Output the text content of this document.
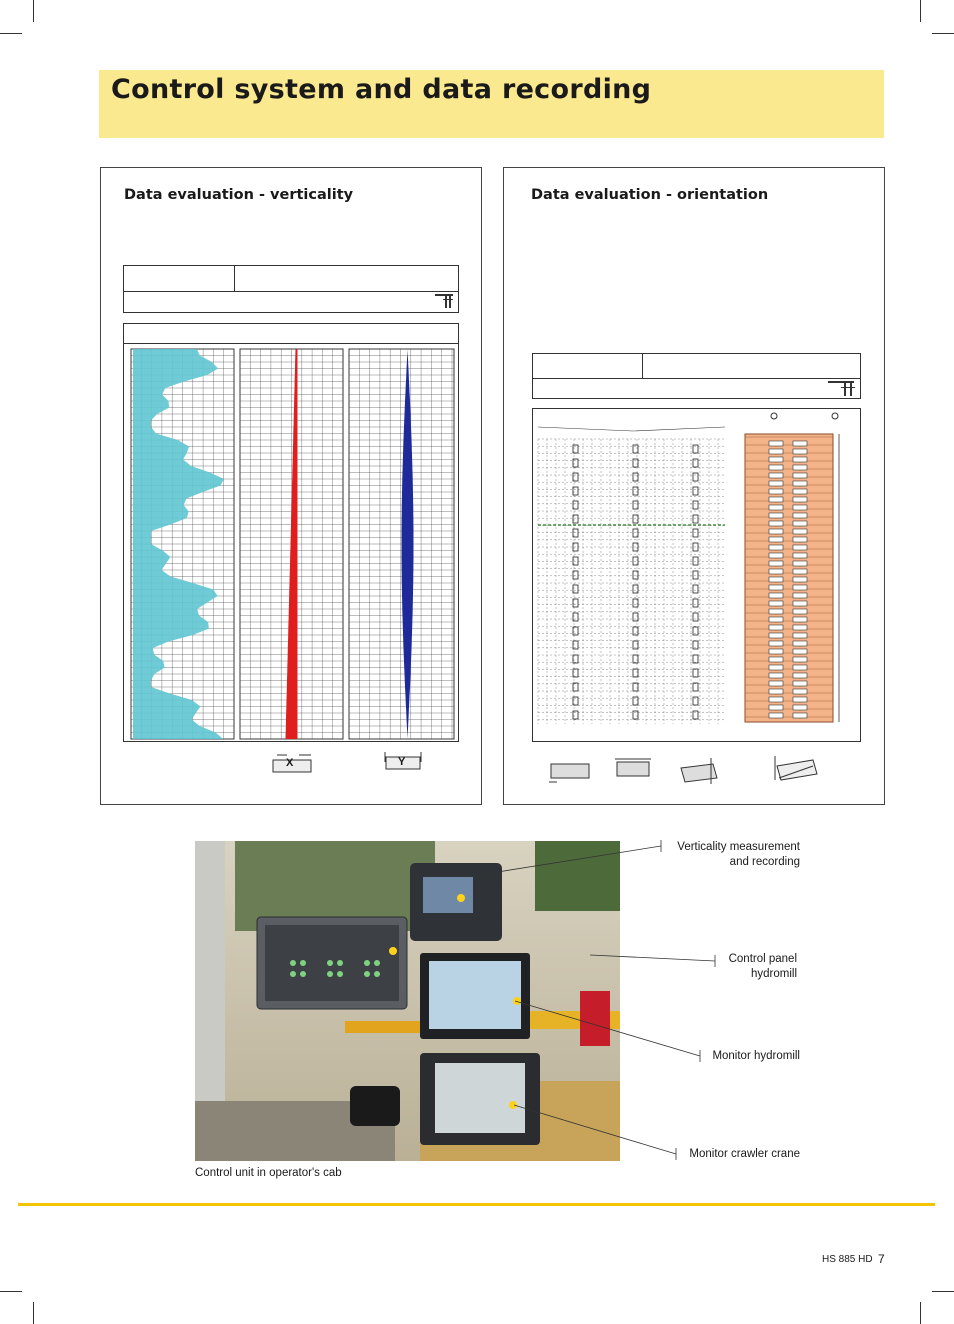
Control system and data recording
Data evaluation - verticality
X	Y
Data evaluation - orientation
Verticality measurement
and recording
Control panel
hydromill
Monitor hydromill
Monitor crawler crane
Control unit in operator's cab
HS 885 HD 7
